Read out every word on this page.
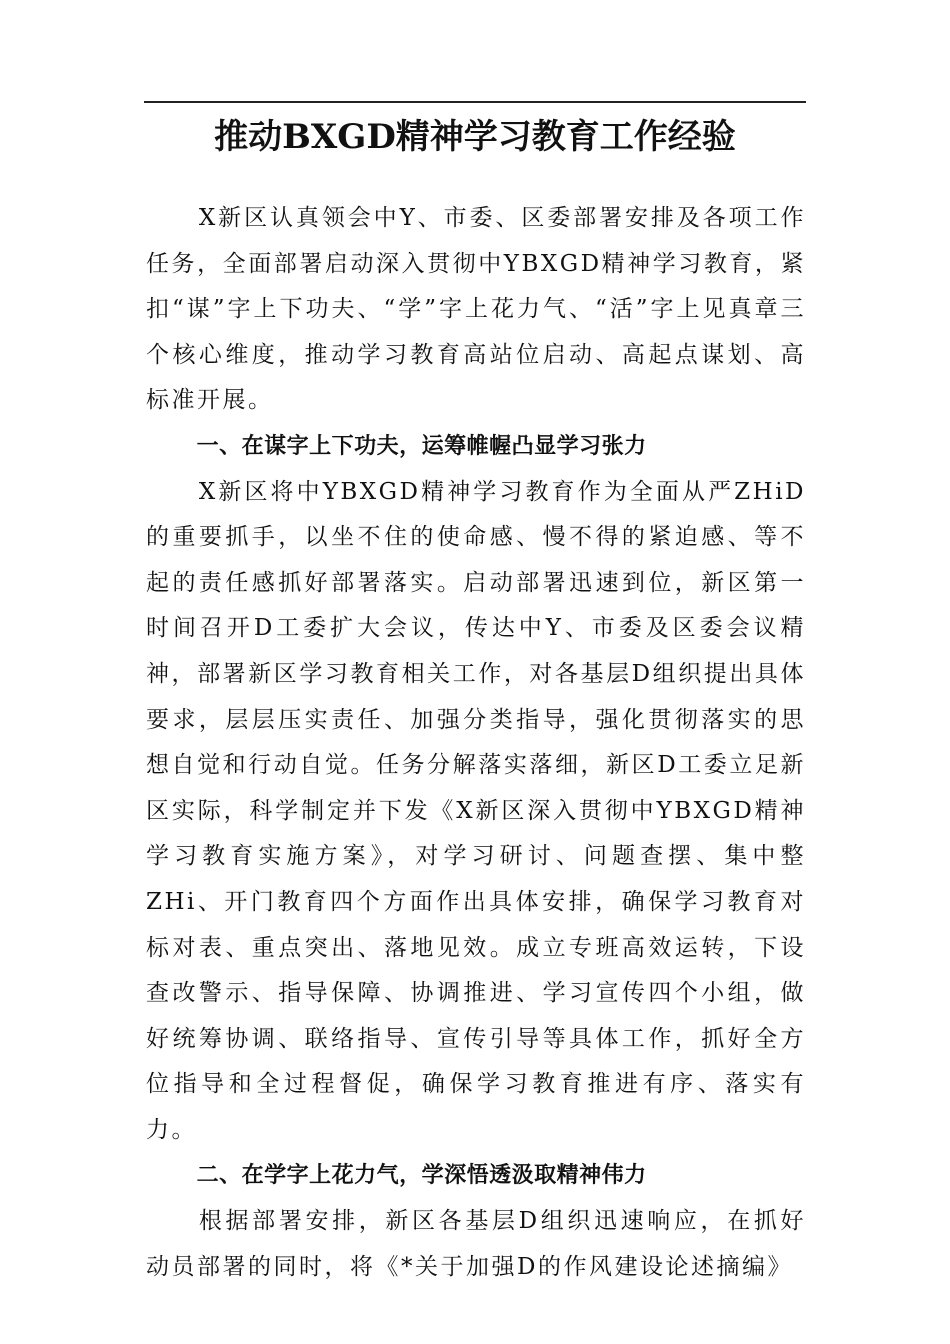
推动BXGD精神学习教育工作经验

X新区认真领会中Y、市委、区委部署安排及各项工作任务，全面部署启动深入贯彻中YBXGD精神学习教育，紧扣“谋”字上下功夫、“学”字上花力气、“活”字上见真章三个核心维度，推动学习教育高站位启动、高起点谋划、高标准开展。

一、在谋字上下功夫，运筹帷幄凸显学习张力

X新区将中YBXGD精神学习教育作为全面从严ZHiD的重要抓手，以坐不住的使命感、慢不得的紧迫感、等不起的责任感抓好部署落实。启动部署迅速到位，新区第一时间召开D工委扩大会议，传达中Y、市委及区委会议精神，部署新区学习教育相关工作，对各基层D组织提出具体要求，层层压实责任、加强分类指导，强化贯彻落实的思想自觉和行动自觉。任务分解落实落细，新区D工委立足新区实际，科学制定并下发《X新区深入贯彻中YBXGD精神学习教育实施方案》，对学习研讨、问题查摆、集中整ZHi、开门教育四个方面作出具体安排，确保学习教育对标对表、重点突出、落地见效。成立专班高效运转，下设查改警示、指导保障、协调推进、学习宣传四个小组，做好统筹协调、联络指导、宣传引导等具体工作，抓好全方位指导和全过程督促，确保学习教育推进有序、落实有力。

二、在学字上花力气，学深悟透汲取精神伟力

根据部署安排，新区各基层D组织迅速响应，在抓好动员部署的同时，将《*关于加强D的作风建设论述摘编》
